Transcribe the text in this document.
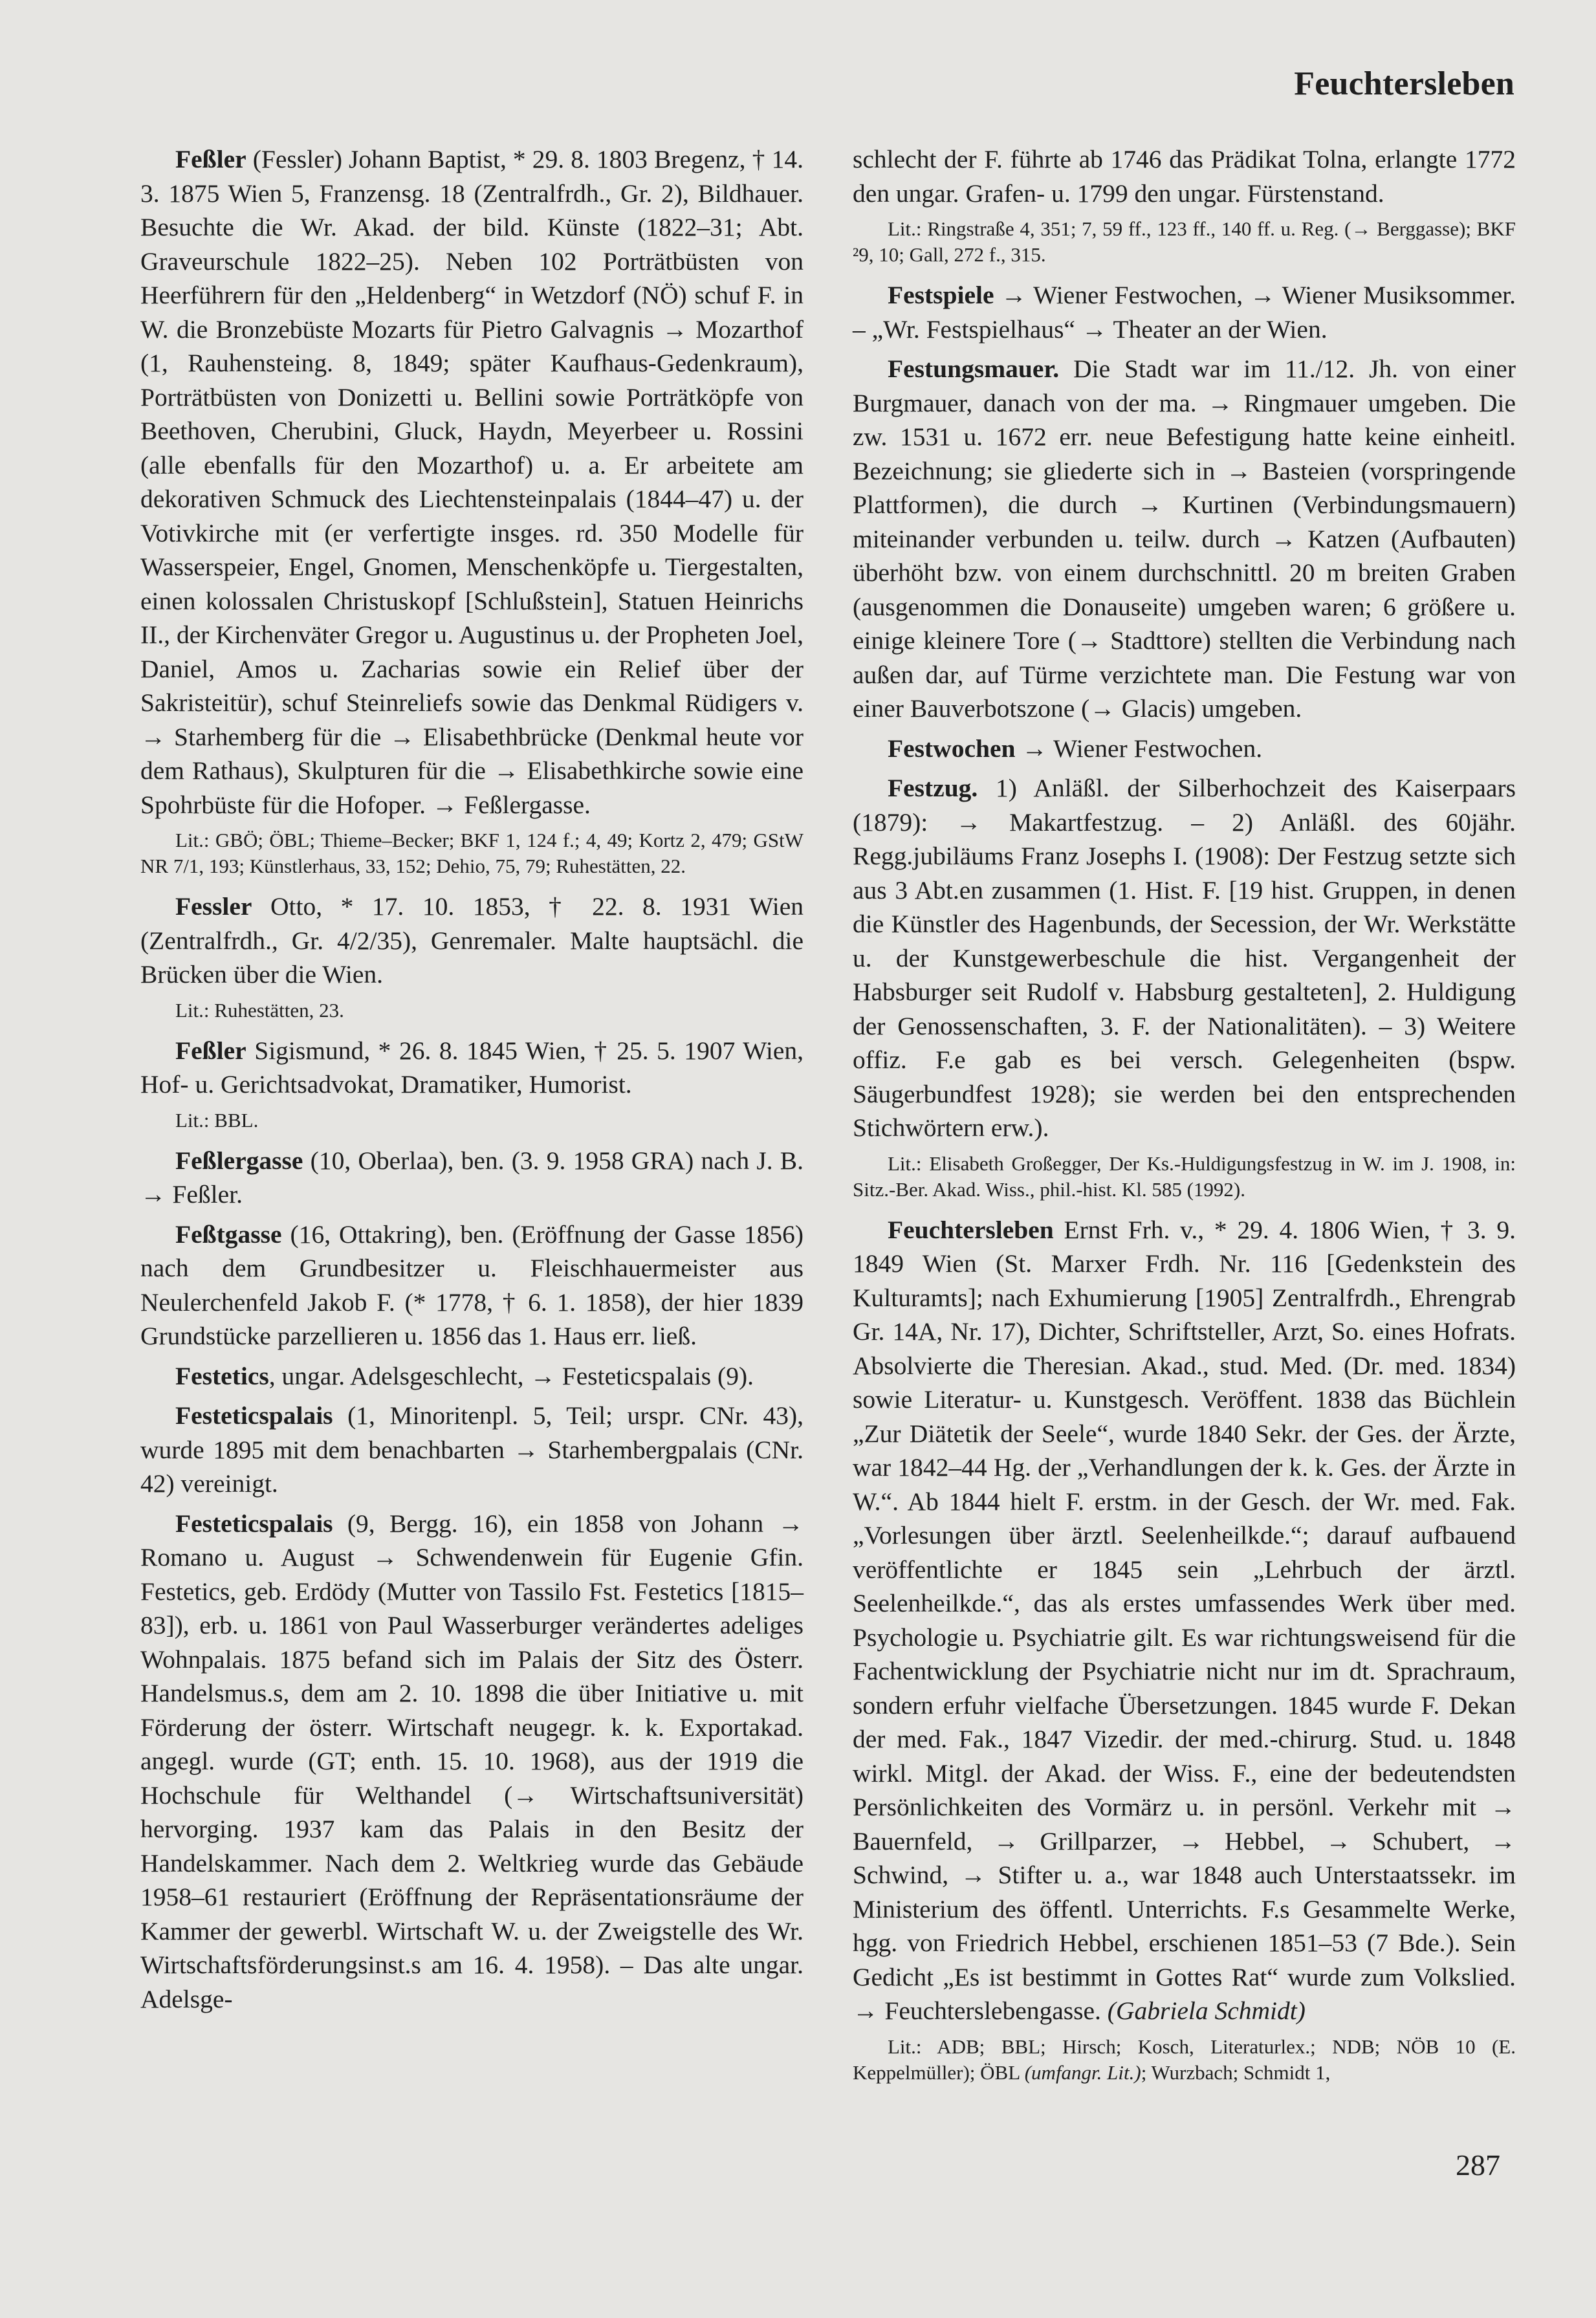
Feuchtersleben

Feßler (Fessler) Johann Baptist, * 29. 8. 1803 Bregenz, † 14. 3. 1875 Wien 5, Franzensg. 18 (Zentralfrdh., Gr. 2), Bildhauer. Besuchte die Wr. Akad. der bild. Künste (1822–31; Abt. Graveurschule 1822–25). Neben 102 Porträtbüsten von Heerführern für den „Heldenberg“ in Wetzdorf (NÖ) schuf F. in W. die Bronzebüste Mozarts für Pietro Galvagnis → Mozarthof (1, Rauhensteing. 8, 1849; später Kaufhaus-Gedenkraum), Porträtbüsten von Donizetti u. Bellini sowie Porträtköpfe von Beethoven, Cherubini, Gluck, Haydn, Meyerbeer u. Rossini (alle ebenfalls für den Mozarthof) u. a. Er arbeitete am dekorativen Schmuck des Liechtensteinpalais (1844–47) u. der Votivkirche mit (er verfertigte insges. rd. 350 Modelle für Wasserspeier, Engel, Gnomen, Menschenköpfe u. Tiergestalten, einen kolossalen Christuskopf [Schlußstein], Statuen Heinrichs II., der Kirchenväter Gregor u. Augustinus u. der Propheten Joel, Daniel, Amos u. Zacharias sowie ein Relief über der Sakristeitür), schuf Steinreliefs sowie das Denkmal Rüdigers v. → Starhemberg für die → Elisabethbrücke (Denkmal heute vor dem Rathaus), Skulpturen für die → Elisabethkirche sowie eine Spohrbüste für die Hofoper. → Feßlergasse.

Lit.: GBÖ; ÖBL; Thieme–Becker; BKF 1, 124 f.; 4, 49; Kortz 2, 479; GStW NR 7/1, 193; Künstlerhaus, 33, 152; Dehio, 75, 79; Ruhestätten, 22.

Fessler Otto, * 17. 10. 1853, † 22. 8. 1931 Wien (Zentralfrdh., Gr. 4/2/35), Genremaler. Malte hauptsächl. die Brücken über die Wien.

Lit.: Ruhestätten, 23.

Feßler Sigismund, * 26. 8. 1845 Wien, † 25. 5. 1907 Wien, Hof- u. Gerichtsadvokat, Dramatiker, Humorist.

Lit.: BBL.

Feßlergasse (10, Oberlaa), ben. (3. 9. 1958 GRA) nach J. B. → Feßler.

Feßtgasse (16, Ottakring), ben. (Eröffnung der Gasse 1856) nach dem Grundbesitzer u. Fleischhauermeister aus Neulerchenfeld Jakob F. (* 1778, † 6. 1. 1858), der hier 1839 Grundstücke parzellieren u. 1856 das 1. Haus err. ließ.

Festetics, ungar. Adelsgeschlecht, → Festeticspalais (9).

Festeticspalais (1, Minoritenpl. 5, Teil; urspr. CNr. 43), wurde 1895 mit dem benachbarten → Starhembergpalais (CNr. 42) vereinigt.

Festeticspalais (9, Bergg. 16), ein 1858 von Johann → Romano u. August → Schwendenwein für Eugenie Gfin. Festetics, geb. Erdödy (Mutter von Tassilo Fst. Festetics [1815–83]), erb. u. 1861 von Paul Wasserburger verändertes adeliges Wohnpalais. 1875 befand sich im Palais der Sitz des Österr. Handelsmus.s, dem am 2. 10. 1898 die über Initiative u. mit Förderung der österr. Wirtschaft neugegr. k. k. Exportakad. angegl. wurde (GT; enth. 15. 10. 1968), aus der 1919 die Hochschule für Welthandel (→ Wirtschaftsuniversität) hervorging. 1937 kam das Palais in den Besitz der Handelskammer. Nach dem 2. Weltkrieg wurde das Gebäude 1958–61 restauriert (Eröffnung der Repräsentationsräume der Kammer der gewerbl. Wirtschaft W. u. der Zweigstelle des Wr. Wirtschaftsförderungsinst.s am 16. 4. 1958). – Das alte ungar. Adelsge-

schlecht der F. führte ab 1746 das Prädikat Tolna, erlangte 1772 den ungar. Grafen- u. 1799 den ungar. Fürstenstand.

Lit.: Ringstraße 4, 351; 7, 59 ff., 123 ff., 140 ff. u. Reg. (→ Berggasse); BKF ²9, 10; Gall, 272 f., 315.

Festspiele → Wiener Festwochen, → Wiener Musiksommer. – „Wr. Festspielhaus“ → Theater an der Wien.

Festungsmauer. Die Stadt war im 11./12. Jh. von einer Burgmauer, danach von der ma. → Ringmauer umgeben. Die zw. 1531 u. 1672 err. neue Befestigung hatte keine einheitl. Bezeichnung; sie gliederte sich in → Basteien (vorspringende Plattformen), die durch → Kurtinen (Verbindungsmauern) miteinander verbunden u. teilw. durch → Katzen (Aufbauten) überhöht bzw. von einem durchschnittl. 20 m breiten Graben (ausgenommen die Donauseite) umgeben waren; 6 größere u. einige kleinere Tore (→ Stadttore) stellten die Verbindung nach außen dar, auf Türme verzichtete man. Die Festung war von einer Bauverbotszone (→ Glacis) umgeben.

Festwochen → Wiener Festwochen.

Festzug. 1) Anläßl. der Silberhochzeit des Kaiserpaars (1879): → Makartfestzug. – 2) Anläßl. des 60jähr. Regg.jubiläums Franz Josephs I. (1908): Der Festzug setzte sich aus 3 Abt.en zusammen (1. Hist. F. [19 hist. Gruppen, in denen die Künstler des Hagenbunds, der Secession, der Wr. Werkstätte u. der Kunstgewerbeschule die hist. Vergangenheit der Habsburger seit Rudolf v. Habsburg gestalteten], 2. Huldigung der Genossenschaften, 3. F. der Nationalitäten). – 3) Weitere offiz. F.e gab es bei versch. Gelegenheiten (bspw. Säugerbundfest 1928); sie werden bei den entsprechenden Stichwörtern erw.).

Lit.: Elisabeth Großegger, Der Ks.-Huldigungsfestzug in W. im J. 1908, in: Sitz.-Ber. Akad. Wiss., phil.-hist. Kl. 585 (1992).

Feuchtersleben Ernst Frh. v., * 29. 4. 1806 Wien, † 3. 9. 1849 Wien (St. Marxer Frdh. Nr. 116 [Gedenkstein des Kulturamts]; nach Exhumierung [1905] Zentralfrdh., Ehrengrab Gr. 14A, Nr. 17), Dichter, Schriftsteller, Arzt, So. eines Hofrats. Absolvierte die Theresian. Akad., stud. Med. (Dr. med. 1834) sowie Literatur- u. Kunstgesch. Veröffent. 1838 das Büchlein „Zur Diätetik der Seele“, wurde 1840 Sekr. der Ges. der Ärzte, war 1842–44 Hg. der „Verhandlungen der k. k. Ges. der Ärzte in W.“. Ab 1844 hielt F. erstm. in der Gesch. der Wr. med. Fak. „Vorlesungen über ärztl. Seelenheilkde.“; darauf aufbauend veröffentlichte er 1845 sein „Lehrbuch der ärztl. Seelenheilkde.“, das als erstes umfassendes Werk über med. Psychologie u. Psychiatrie gilt. Es war richtungsweisend für die Fachentwicklung der Psychiatrie nicht nur im dt. Sprachraum, sondern erfuhr vielfache Übersetzungen. 1845 wurde F. Dekan der med. Fak., 1847 Vizedir. der med.-chirurg. Stud. u. 1848 wirkl. Mitgl. der Akad. der Wiss. F., eine der bedeutendsten Persönlichkeiten des Vormärz u. in persönl. Verkehr mit → Bauernfeld, → Grillparzer, → Hebbel, → Schubert, → Schwind, → Stifter u. a., war 1848 auch Unterstaatssekr. im Ministerium des öffentl. Unterrichts. F.s Gesammelte Werke, hgg. von Friedrich Hebbel, erschienen 1851–53 (7 Bde.). Sein Gedicht „Es ist bestimmt in Gottes Rat“ wurde zum Volkslied. → Feuchterslebengasse. (Gabriela Schmidt)

Lit.: ADB; BBL; Hirsch; Kosch, Literaturlex.; NDB; NÖB 10 (E. Keppelmüller); ÖBL (umfangr. Lit.); Wurzbach; Schmidt 1,

287
